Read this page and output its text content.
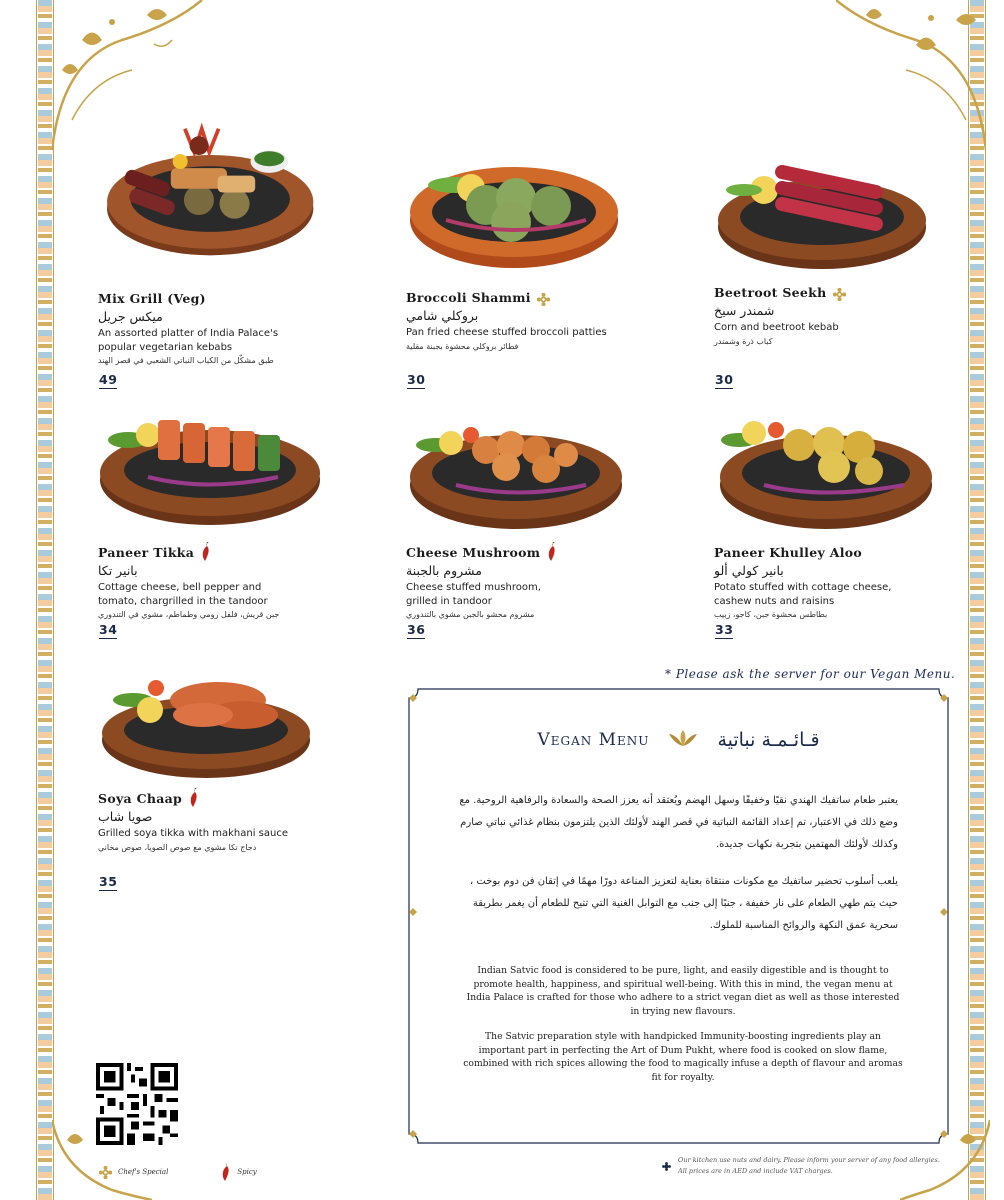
Mix Grill (Veg)
ميكس جريل
An assorted platter of India Palace's popular vegetarian kebabs
طبق مشكّل من الكباب النباتي الشعبي في قصر الهند
49
Broccoli Shammi
بروكلي شامي
Pan fried cheese stuffed broccoli patties
فطائر بروكلي محشوة بجبنة مقلية
30
Beetroot Seekh
شمندر سيخ
Corn and beetroot kebab
كباب ذرة وشمندر
30
Paneer Tikka
بانير تكا
Cottage cheese, bell pepper and tomato, chargrilled in the tandoor
جبن قريش، فلفل رومي وطماطم، مشوي في التندوري
34
Cheese Mushroom
مشروم بالجبنة
Cheese stuffed mushroom, grilled in tandoor
مشروم محشو بالجبن مشوي بالتندوري
36
Paneer Khulley Aloo
بانير كولي ألو
Potato stuffed with cottage cheese, cashew nuts and raisins
بطاطس محشوة جبن، كاجو، زبيب
33
Soya Chaap
صويا شاب
Grilled soya tikka with makhani sauce
دجاج تكا مشوي مع صوص الصويا، صوص مخاني
35
* Please ask the server for our Vegan Menu.
Vegan Menu	قـائـمـة نباتية
يعتبر طعام ساتفيك الهندي نقيًا وخفيفًا وسهل الهضم ويُعتقد أنه يعزز الصحة والسعادة والرفاهية الروحية. مع وضع ذلك في الاعتبار، تم إعداد القائمة النباتية في قصر الهند لأولئك الذين يلتزمون بنظام غذائي نباتي صارم وكذلك لأولئك المهتمين بتجربة نكهات جديدة.
يلعب أسلوب تحضير ساتفيك مع مكونات منتقاة بعناية لتعزيز المناعة دورًا مهمًا في إتقان فن دوم بوخت ، حيث يتم طهي الطعام على نار خفيفة ، جنبًا إلى جنب مع التوابل الغنية التي تتيح للطعام أن يغمر بطريقة سحرية عمق النكهة والروائح المناسبة للملوك.
Indian Satvic food is considered to be pure, light, and easily digestible and is thought to promote health, happiness, and spiritual well-being. With this in mind, the vegan menu at India Palace is crafted for those who adhere to a strict vegan diet as well as those interested in trying new flavours.
The Satvic preparation style with handpicked Immunity-boosting ingredients play an important part in perfecting the Art of Dum Pukht, where food is cooked on slow flame, combined with rich spices allowing the food to magically infuse a depth of flavour and aromas fit for royalty.
Chef's Special	Spicy
Our kitchen use nuts and dairy. Please inform your server of any food allergies.
All prices are in AED and include VAT charges.
